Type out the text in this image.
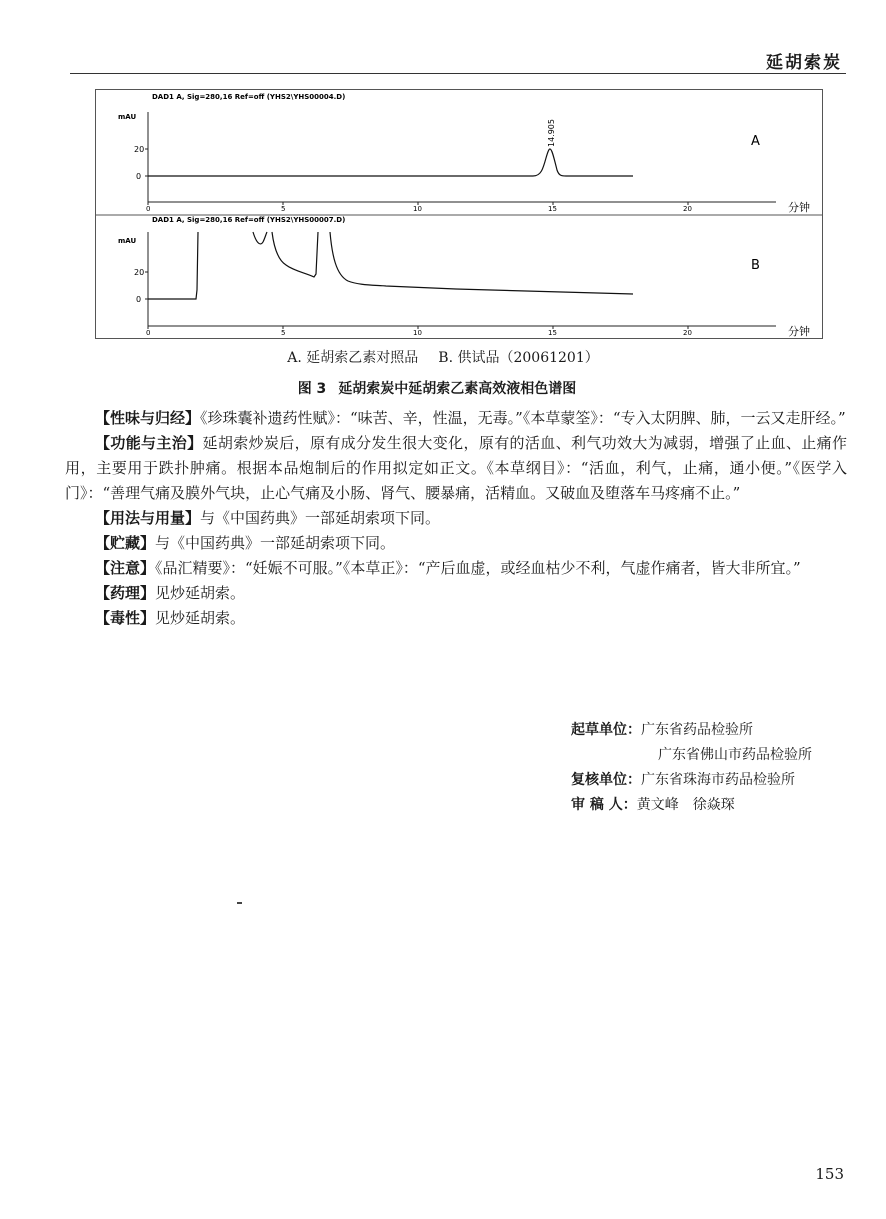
延胡索炭
DAD1 A, Sig=280,16 Ref=off (YHS2\YHS00004.D)
mAU
20
0
0	5	10	15	20	分钟
14.905	A
DAD1 A, Sig=280,16 Ref=off (YHS2\YHS00007.D)
mAU
20
0
0	5	10	15	20	分钟
B
A. 延胡索乙素对照品 B. 供试品（20061201）
图 3 延胡索炭中延胡索乙素高效液相色谱图

【性味与归经】《珍珠囊补遗药性赋》：“味苦、辛，性温，无毒。”《本草蒙筌》：“专入太阴脾、肺，一云又走肝经。”

【功能与主治】延胡索炒炭后，原有成分发生很大变化，原有的活血、利气功效大为减弱，增强了止血、止痛作用，主要用于跌扑肿痛。根据本品炮制后的作用拟定如正文。《本草纲目》：“活血，利气，止痛，通小便。”《医学入门》：“善理气痛及膜外气块，止心气痛及小肠、肾气、腰暴痛，活精血。又破血及堕落车马疼痛不止。”

【用法与用量】与《中国药典》一部延胡索项下同。

【贮藏】与《中国药典》一部延胡索项下同。

【注意】《品汇精要》：“妊娠不可服。”《本草正》：“产后血虚，或经血枯少不利，气虚作痛者，皆大非所宜。”

【药理】见炒延胡索。

【毒性】见炒延胡索。

起草单位：广东省药品检验所
广东省佛山市药品检验所
复核单位：广东省珠海市药品检验所
审 稿 人：黄文峰　徐焱琛
153
